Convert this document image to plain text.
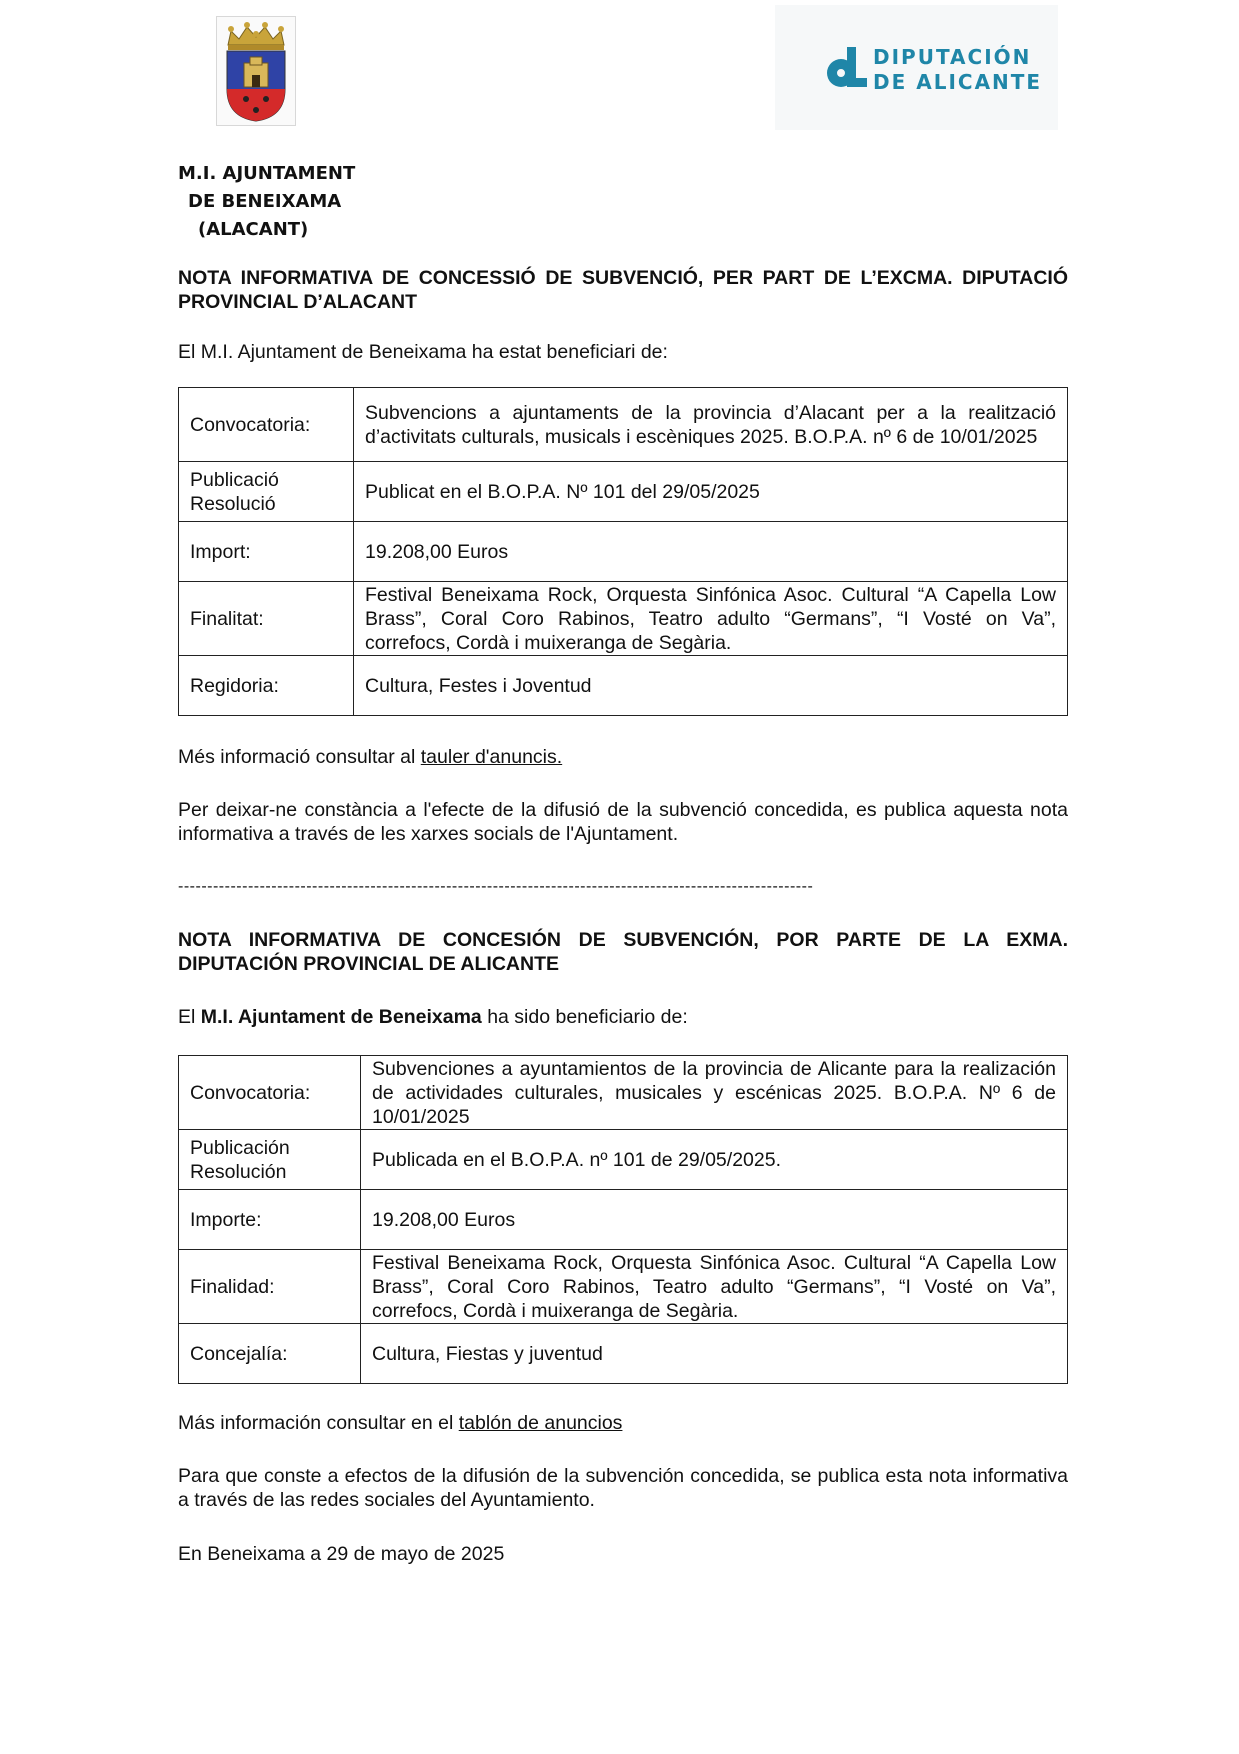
DIPUTACIÓN
DE ALICANTE
M.I. AJUNTAMENT
DE BENEIXAMA
(ALACANT)
NOTA INFORMATIVA DE CONCESSIÓ DE SUBVENCIÓ, PER PART DE L’EXCMA. DIPUTACIÓ PROVINCIAL D’ALACANT
El M.I. Ajuntament de Beneixama ha estat beneficiari de:
Convocatoria:	Subvencions a ajuntaments de la provincia d’Alacant per a la realització d’activitats culturals, musicals i escèniques 2025. B.O.P.A. nº 6 de 10/01/2025
Publicació Resolució	Publicat en el B.O.P.A. Nº 101 del 29/05/2025
Import:	19.208,00 Euros
Finalitat:	Festival Beneixama Rock, Orquesta Sinfónica Asoc. Cultural “A Capella Low Brass”, Coral Coro Rabinos, Teatro adulto “Germans”, “I Vosté on Va”, correfocs, Cordà i muixeranga de Segària.
Regidoria:	Cultura, Festes i Joventud
Més informació consultar al tauler d'anuncis.
Per deixar-ne constància a l'efecte de la difusió de la subvenció concedida, es publica aquesta nota informativa a través de les xarxes socials de l'Ajuntament.
-------------------------------------------------------------------------------------------------------------
NOTA INFORMATIVA DE CONCESIÓN DE SUBVENCIÓN, POR PARTE DE LA EXMA. DIPUTACIÓN PROVINCIAL DE ALICANTE
El M.I. Ajuntament de Beneixama ha sido beneficiario de:
Convocatoria:	Subvenciones a ayuntamientos de la provincia de Alicante para la realización de actividades culturales, musicales y escénicas 2025. B.O.P.A. Nº 6 de 10/01/2025
Publicación Resolución	Publicada en el B.O.P.A. nº 101 de 29/05/2025.
Importe:	19.208,00 Euros
Finalidad:	Festival Beneixama Rock, Orquesta Sinfónica Asoc. Cultural “A Capella Low Brass”, Coral Coro Rabinos, Teatro adulto “Germans”, “I Vosté on Va”, correfocs, Cordà i muixeranga de Segària.
Concejalía:	Cultura, Fiestas y juventud
Más información consultar en el tablón de anuncios
Para que conste a efectos de la difusión de la subvención concedida, se publica esta nota informativa a través de las redes sociales del Ayuntamiento.
En Beneixama a 29 de mayo de 2025
